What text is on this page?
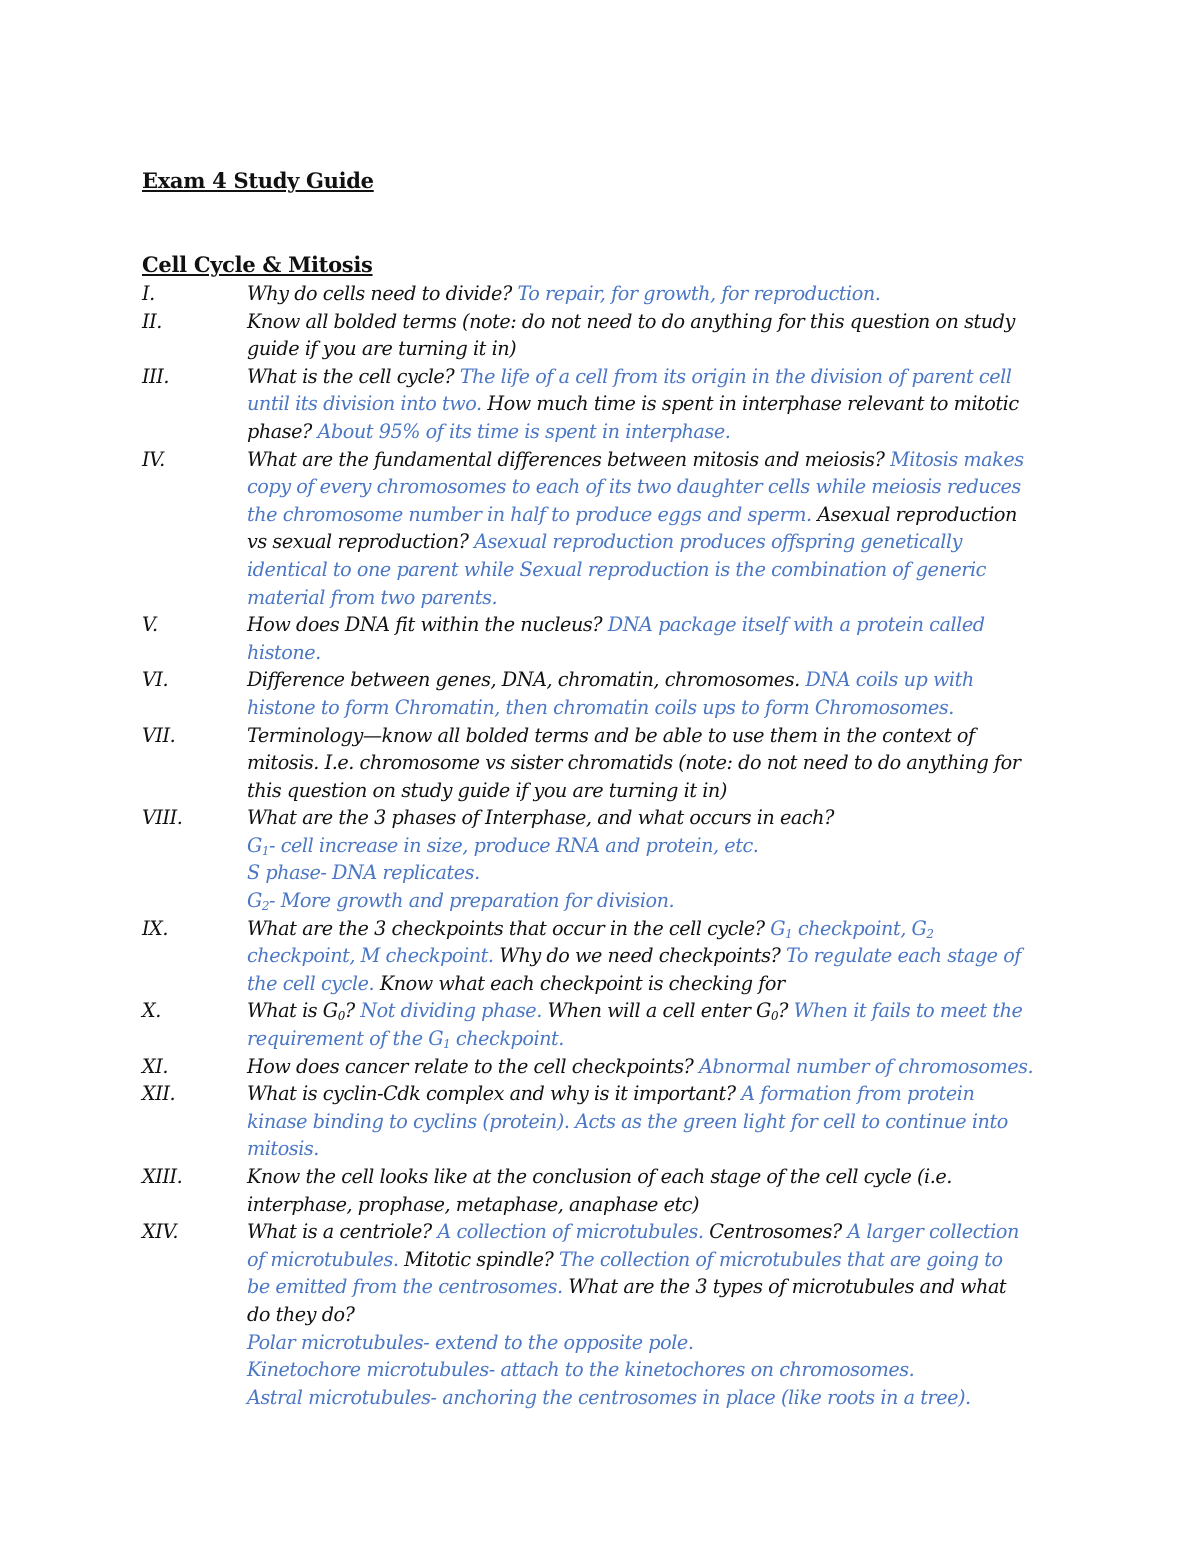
Exam 4 Study Guide
Cell Cycle & Mitosis
I.	Why do cells need to divide? To repair, for growth, for reproduction.
II.	Know all bolded terms (note: do not need to do anything for this question on study
guide if you are turning it in)
III.	What is the cell cycle? The life of a cell from its origin in the division of parent cell
until its division into two. How much time is spent in interphase relevant to mitotic
phase? About 95% of its time is spent in interphase.
IV.	What are the fundamental differences between mitosis and meiosis? Mitosis makes
copy of every chromosomes to each of its two daughter cells while meiosis reduces
the chromosome number in half to produce eggs and sperm. Asexual reproduction
vs sexual reproduction? Asexual reproduction produces offspring genetically
identical to one parent while Sexual reproduction is the combination of generic
material from two parents.
V.	How does DNA fit within the nucleus? DNA package itself with a protein called
histone.
VI.	Difference between genes, DNA, chromatin, chromosomes. DNA coils up with
histone to form Chromatin, then chromatin coils ups to form Chromosomes.
VII.	Terminology—know all bolded terms and be able to use them in the context of
mitosis. I.e. chromosome vs sister chromatids (note: do not need to do anything for
this question on study guide if you are turning it in)
VIII.	What are the 3 phases of Interphase, and what occurs in each?
$G_1-$ cell increase in size, produce RNA and protein, etc.
S phase- DNA replicates.
$G_2-$ More growth and preparation for division.
IX.	What are the 3 checkpoints that occur in the cell cycle? $G_1$ checkpoint, $G_2$
checkpoint, M checkpoint. Why do we need checkpoints? To regulate each stage of
the cell cycle. Know what each checkpoint is checking for
X.	What is $G_0$? Not dividing phase. When will a cell enter $G_0$? When it fails to meet the
requirement of the $G_1$ checkpoint.
XI.	How does cancer relate to the cell checkpoints? Abnormal number of chromosomes.
XII.	What is cyclin-Cdk complex and why is it important? A formation from protein
kinase binding to cyclins (protein). Acts as the green light for cell to continue into
mitosis.
XIII.	Know the cell looks like at the conclusion of each stage of the cell cycle (i.e.
interphase, prophase, metaphase, anaphase etc)
XIV.	What is a centriole? A collection of microtubules. Centrosomes? A larger collection
of microtubules. Mitotic spindle? The collection of microtubules that are going to
be emitted from the centrosomes. What are the 3 types of microtubules and what
do they do?
Polar microtubules- extend to the opposite pole.
Kinetochore microtubules- attach to the kinetochores on chromosomes.
Astral microtubules- anchoring the centrosomes in place (like roots in a tree).
